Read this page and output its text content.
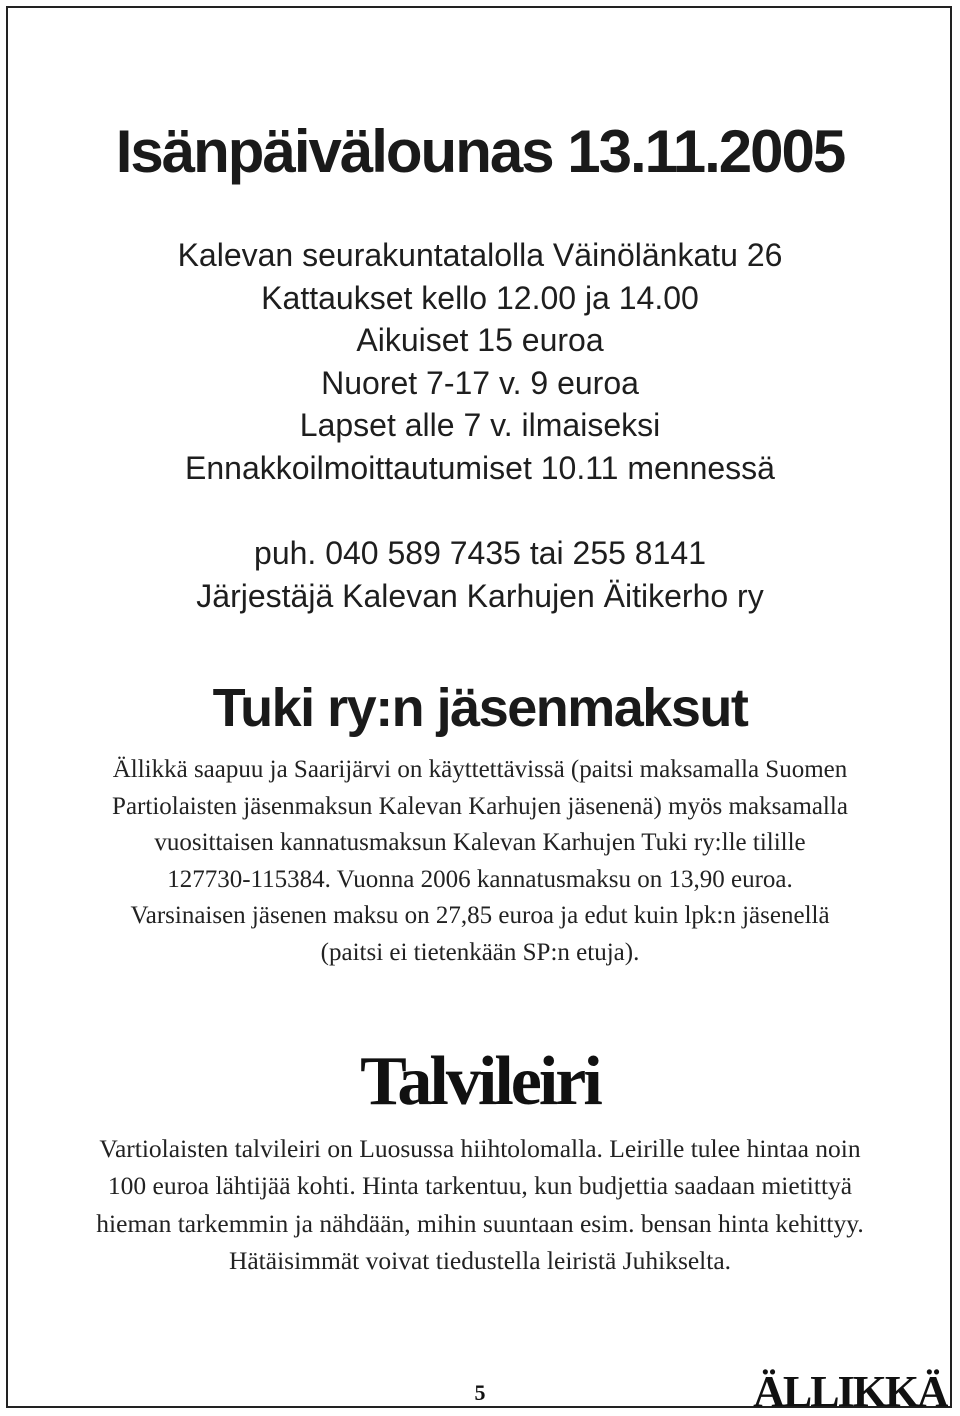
Isänpäivälounas 13.11.2005
Kalevan seurakuntatalolla Väinölänkatu 26
Kattaukset kello 12.00 ja 14.00
Aikuiset 15 euroa
Nuoret 7-17 v. 9 euroa
Lapset alle 7 v. ilmaiseksi
Ennakkoilmoittautumiset 10.11 mennessä
puh. 040 589 7435 tai 255 8141
Järjestäjä Kalevan Karhujen Äitikerho ry
Tuki ry:n jäsenmaksut
Ällikkä saapuu ja Saarijärvi on käyttettävissä (paitsi maksamalla Suomen
Partiolaisten jäsenmaksun Kalevan Karhujen jäsenenä) myös maksamalla
vuosittaisen kannatusmaksun Kalevan Karhujen Tuki ry:lle tilille
127730-115384. Vuonna 2006 kannatusmaksu on 13,90 euroa.
Varsinaisen jäsenen maksu on 27,85 euroa ja edut kuin lpk:n jäsenellä
(paitsi ei tietenkään SP:n etuja).
Talvileiri
Vartiolaisten talvileiri on Luosussa hiihtolomalla. Leirille tulee hintaa noin
100 euroa lähtijää kohti. Hinta tarkentuu, kun budjettia saadaan mietittyä
hieman tarkemmin ja nähdään, mihin suuntaan esim. bensan hinta kehittyy.
Hätäisimmät voivat tiedustella leiristä Juhikselta.
5	ÄLLIKKÄ
